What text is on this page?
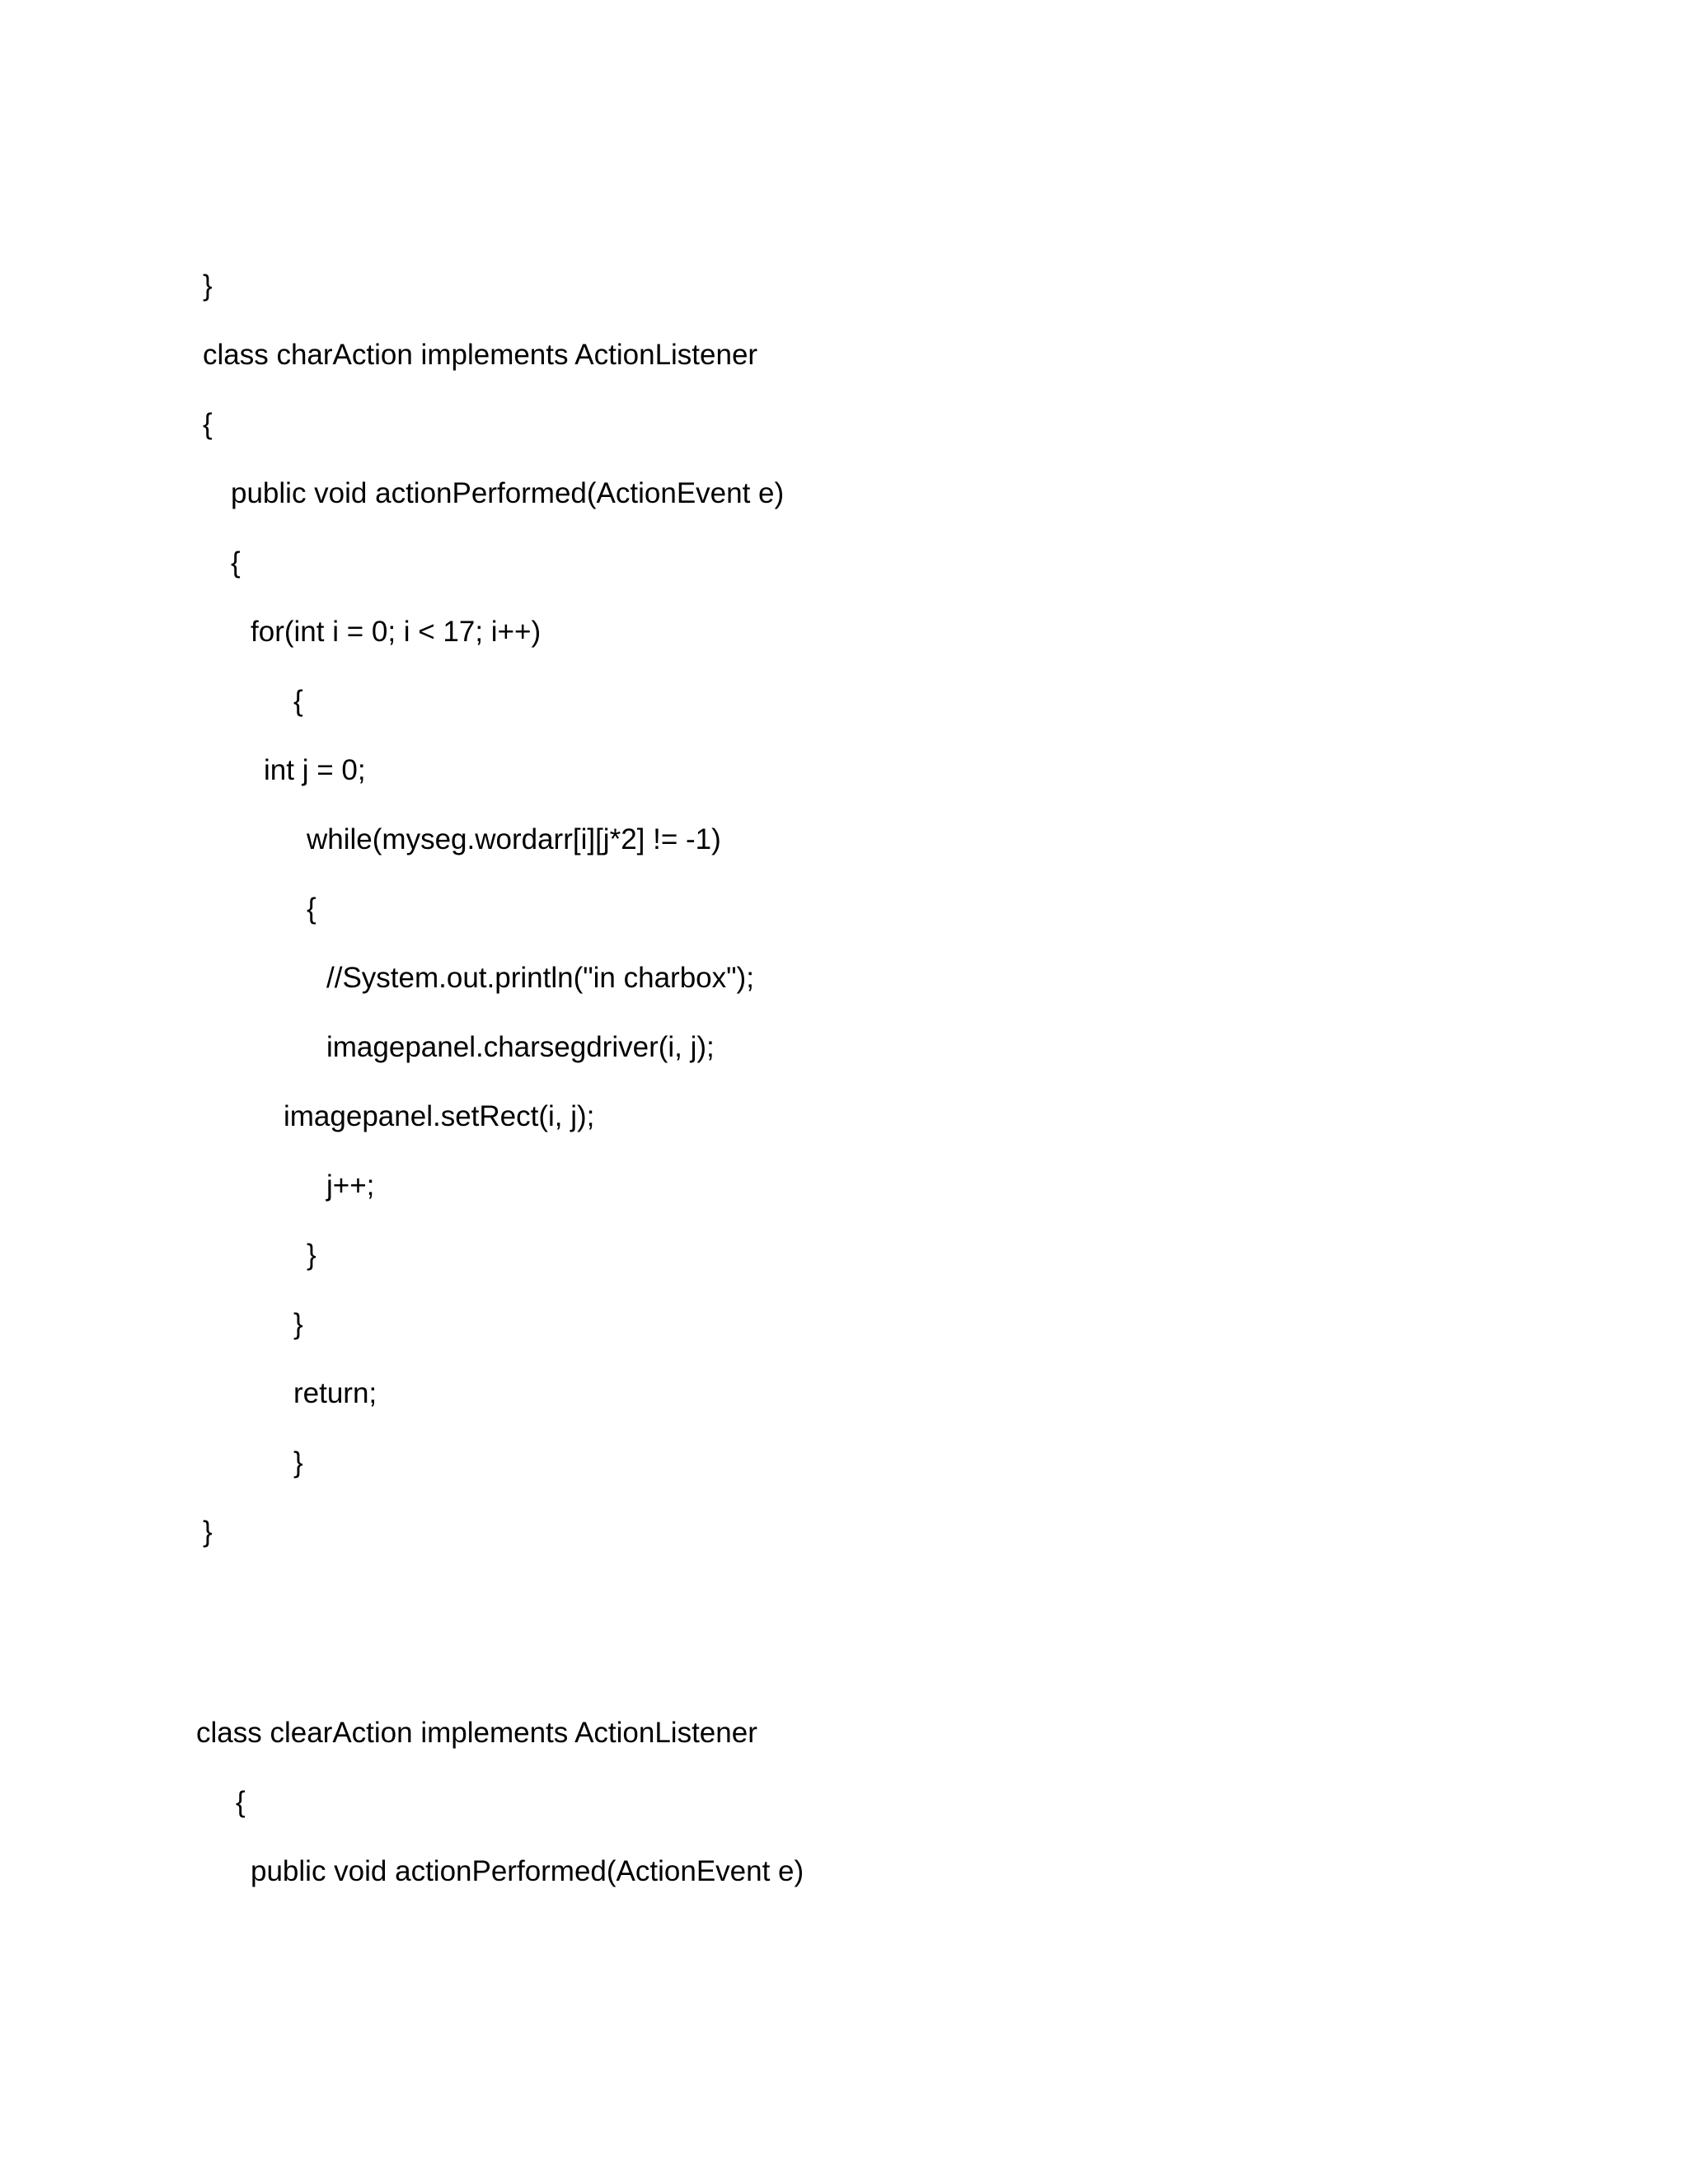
}
class charAction implements ActionListener
{
public void actionPerformed(ActionEvent e)
{
for(int i = 0; i < 17; i++)
{
int j = 0;
while(myseg.wordarr[i][j*2] != -1)
{
//System.out.println("in charbox");
imagepanel.charsegdriver(i, j);
imagepanel.setRect(i, j);
j++;
}
}
return;
}
}
class clearAction implements ActionListener
{
public void actionPerformed(ActionEvent e)
